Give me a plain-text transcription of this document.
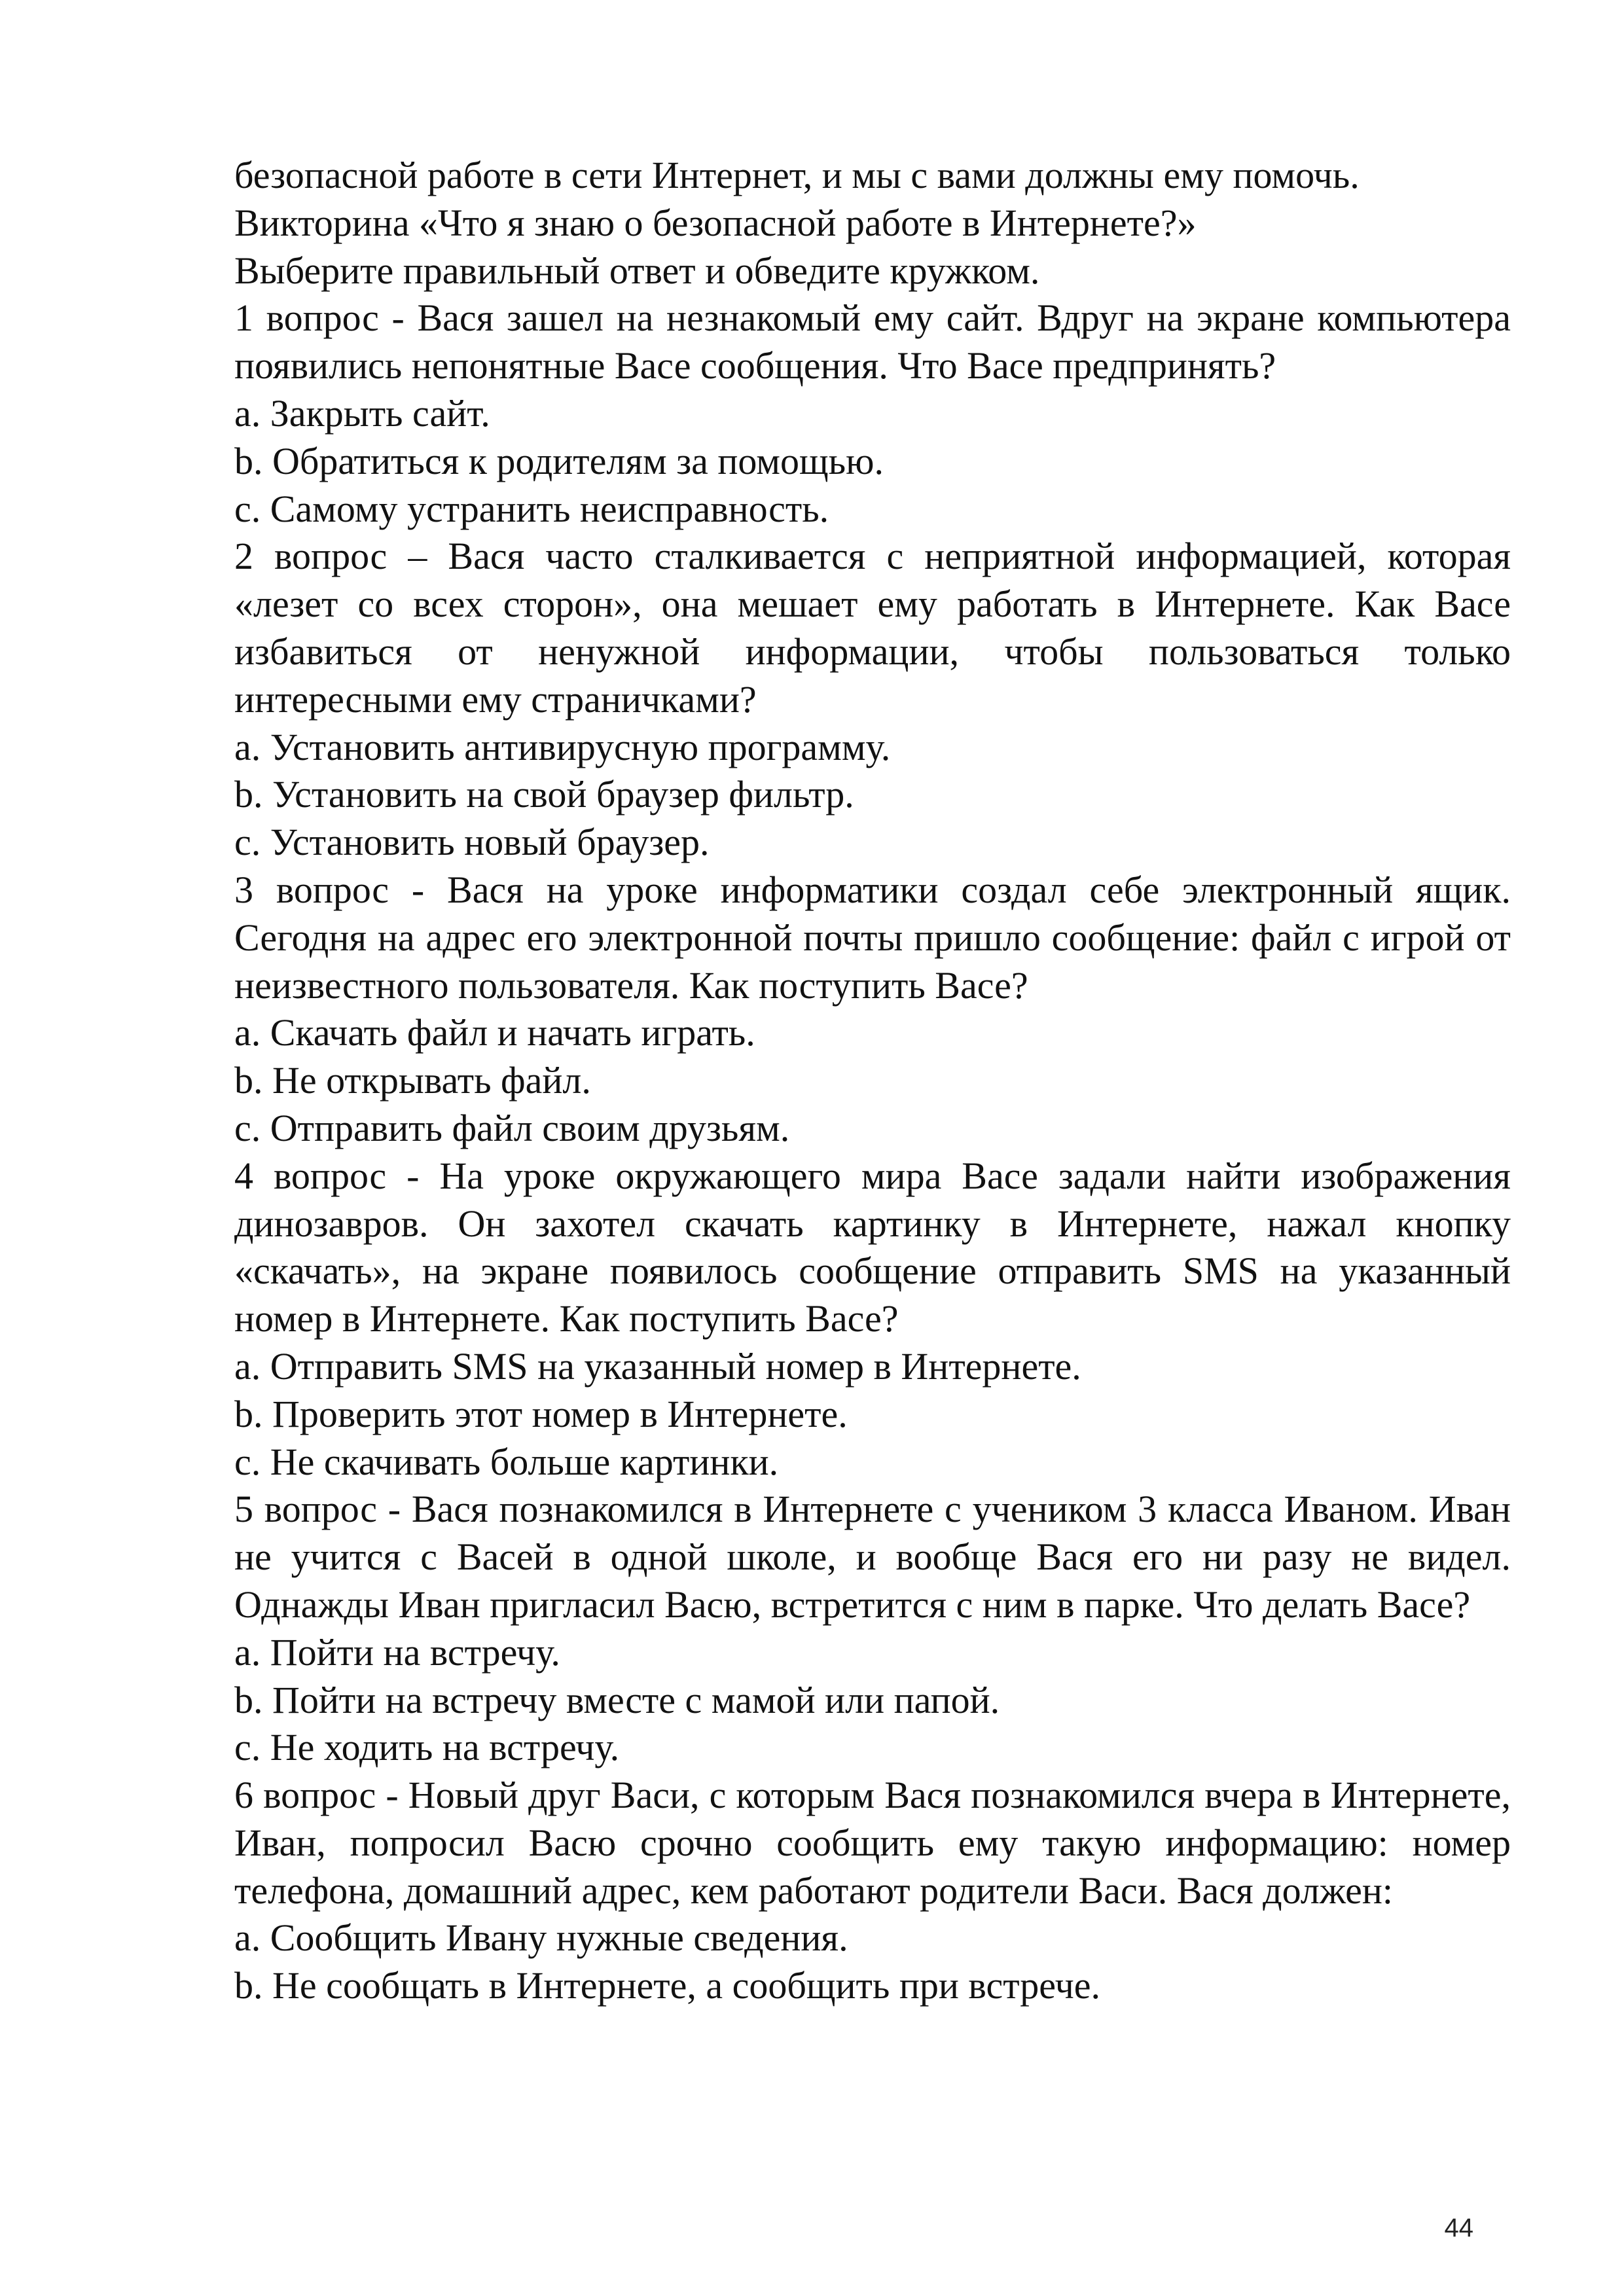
безопасной работе в сети Интернет, и мы с вами должны ему помочь.

Викторина «Что я знаю о безопасной работе в Интернете?»

Выберите правильный ответ и обведите кружком.

1 вопрос - Вася зашел на незнакомый ему сайт. Вдруг на экране компьютера появились непонятные Васе сообщения. Что Васе предпринять?

a. Закрыть сайт.

b. Обратиться к родителям за помощью.

c. Самому устранить неисправность.

2 вопрос – Вася часто сталкивается с неприятной информацией, которая «лезет со всех сторон», она мешает ему работать в Интернете. Как Васе избавиться от ненужной информации, чтобы пользоваться только интересными ему страничками?

a. Установить антивирусную программу.

b. Установить на свой браузер фильтр.

c. Установить новый браузер.

3 вопрос - Вася на уроке информатики создал себе электронный ящик. Сегодня на адрес его электронной почты пришло сообщение: файл с игрой от неизвестного пользователя. Как поступить Васе?

a. Скачать файл и начать играть.

b. Не открывать файл.

c. Отправить файл своим друзьям.

4 вопрос - На уроке окружающего мира Васе задали найти изображения динозавров. Он захотел скачать картинку в Интернете, нажал кнопку «скачать», на экране появилось сообщение отправить SMS на указанный номер в Интернете. Как поступить Васе?

a. Отправить SMS на указанный номер в Интернете.

b. Проверить этот номер в Интернете.

c. Не скачивать больше картинки.

5 вопрос - Вася познакомился в Интернете с учеником 3 класса Иваном. Иван не учится с Васей в одной школе, и вообще Вася его ни разу не видел. Однажды Иван пригласил Васю, встретится с ним в парке. Что делать Васе?

a. Пойти на встречу.

b. Пойти на встречу вместе с мамой или папой.

c. Не ходить на встречу.

6 вопрос - Новый друг Васи, с которым Вася познакомился вчера в Интернете, Иван, попросил Васю срочно сообщить ему такую информацию: номер телефона, домашний адрес, кем работают родители Васи. Вася должен:

a. Сообщить Ивану нужные сведения.

b. Не сообщать в Интернете, а сообщить при встрече.

44
